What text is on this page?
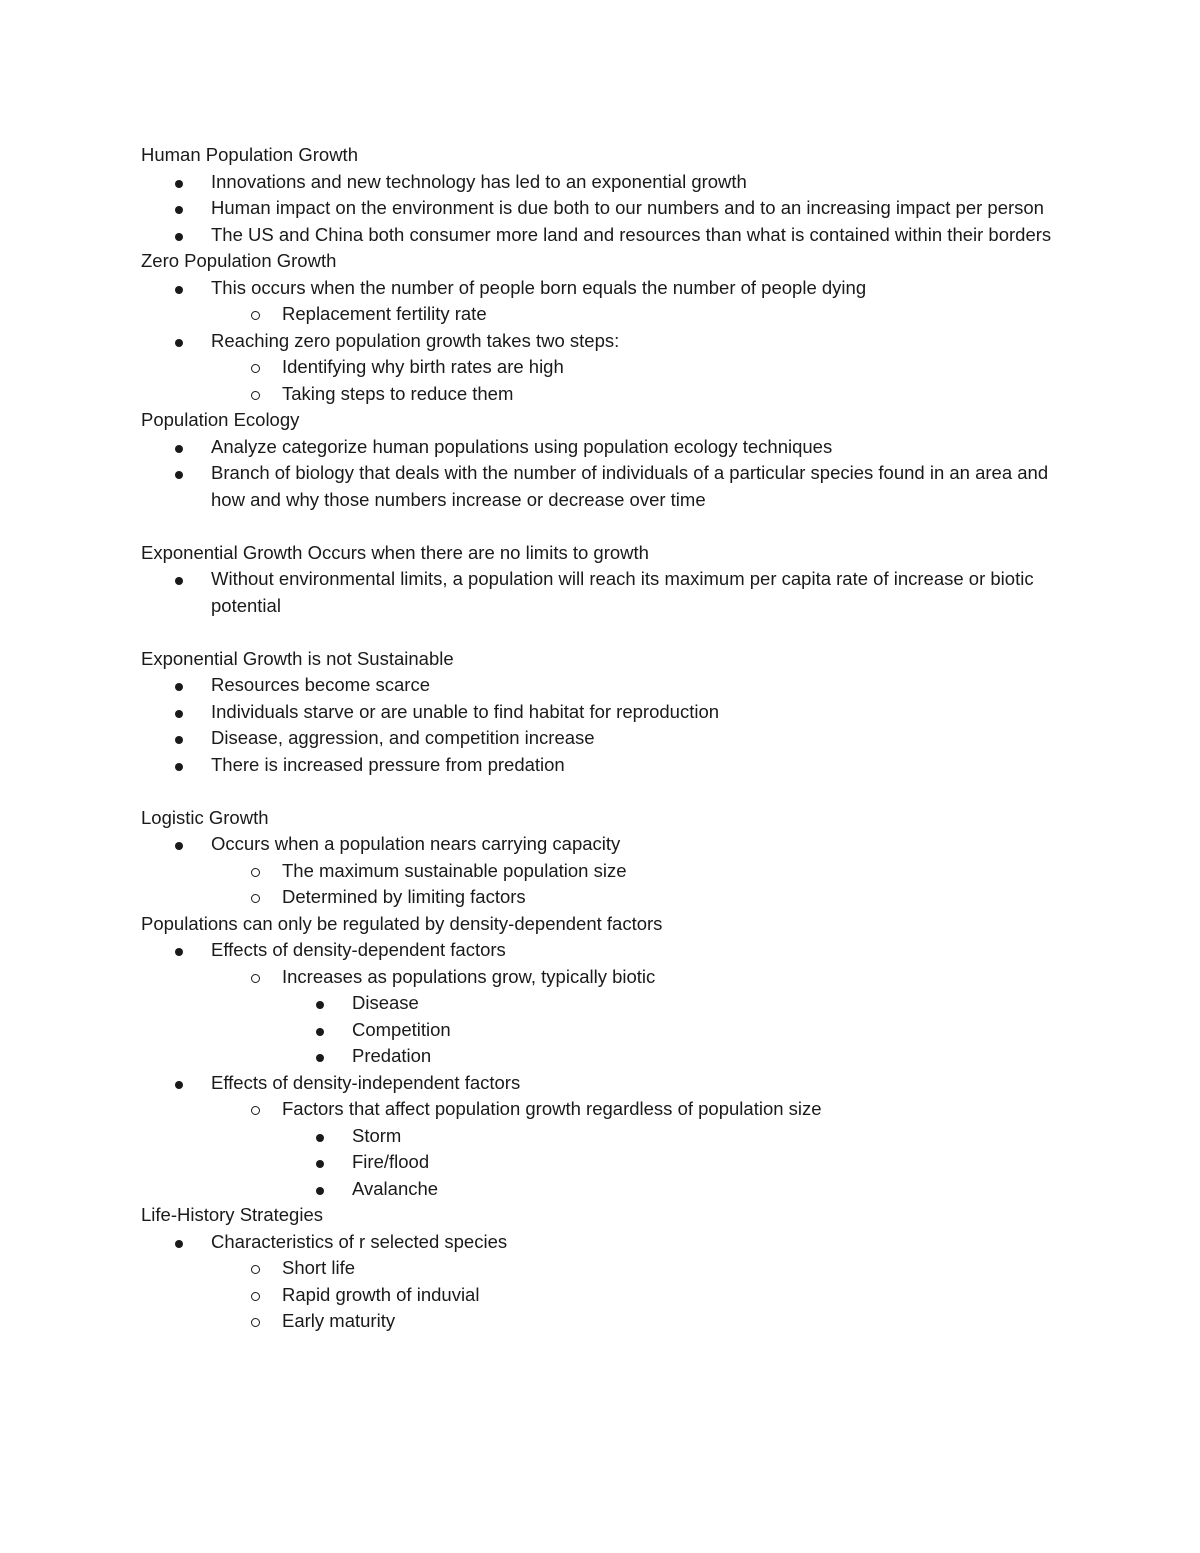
Human Population Growth
Innovations and new technology has led to an exponential growth
Human impact on the environment is due both to our numbers and to an increasing impact per person
The US and China both consumer more land and resources than what is contained within their borders
Zero Population Growth
This occurs when the number of people born equals the number of people dying
Replacement fertility rate
Reaching zero population growth takes two steps:
Identifying why birth rates are high
Taking steps to reduce them
Population Ecology
Analyze categorize human populations using population ecology techniques
Branch of biology that deals with the number of individuals of a particular species found in an area and how and why those numbers increase or decrease over time
Exponential Growth Occurs when there are no limits to growth
Without environmental limits, a population will reach its maximum per capita rate of increase or biotic potential
Exponential Growth is not Sustainable
Resources become scarce
Individuals starve or are unable to find habitat for reproduction
Disease, aggression, and competition increase
There is increased pressure from predation
Logistic Growth
Occurs when a population nears carrying capacity
The maximum sustainable population size
Determined by limiting factors
Populations can only be regulated by density-dependent factors
Effects of density-dependent factors
Increases as populations grow, typically biotic
Disease
Competition
Predation
Effects of density-independent factors
Factors that affect population growth regardless of population size
Storm
Fire/flood
Avalanche
Life-History Strategies
Characteristics of r selected species
Short life
Rapid growth of induvial
Early maturity
